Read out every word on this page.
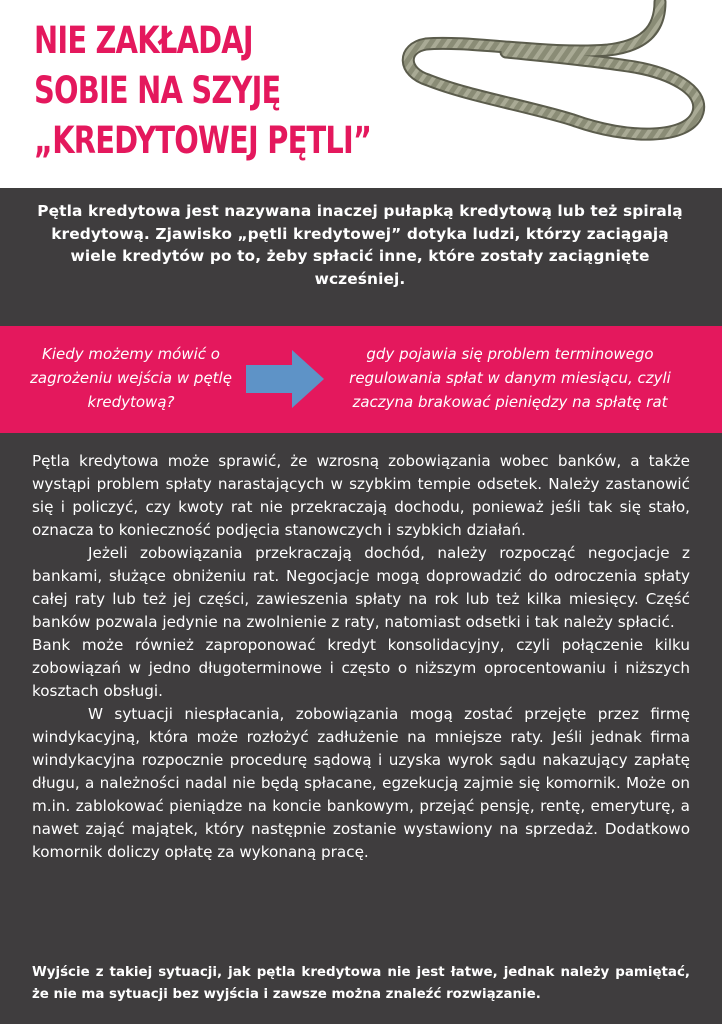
NIE ZAKŁADAJ
SOBIE NA SZYJĘ
„KREDYTOWEJ PĘTLI”
Pętla kredytowa jest nazywana inaczej pułapką kredytową lub też spiralą kredytową. Zjawisko „pętli kredytowej” dotyka ludzi, którzy zaciągają wiele kredytów po to, żeby spłacić inne, które zostały zaciągnięte wcześniej.
Kiedy możemy mówić o zagrożeniu wejścia w pętlę kredytową?
gdy pojawia się problem terminowego regulowania spłat w danym miesiącu, czyli zaczyna brakować pieniędzy na spłatę rat

Pętla kredytowa może sprawić, że wzrosną zobowiązania wobec banków, a także wystąpi problem spłaty narastających w szybkim tempie odsetek. Należy zastanowić się i policzyć, czy kwoty rat nie przekraczają dochodu, ponieważ jeśli tak się stało, oznacza to konieczność podjęcia stanowczych i szybkich działań.

Jeżeli zobowiązania przekraczają dochód, należy rozpocząć negocjacje z bankami, służące obniżeniu rat. Negocjacje mogą doprowadzić do odroczenia spłaty całej raty lub też jej części, zawieszenia spłaty na rok lub też kilka miesięcy. Część banków pozwala jedynie na zwolnienie z raty, natomiast odsetki i tak należy spłacić.

Bank może również zaproponować kredyt konsolidacyjny, czyli połączenie kilku zobowiązań w jedno długoterminowe i często o niższym oprocentowaniu i niższych kosztach obsługi.

W sytuacji niespłacania, zobowiązania mogą zostać przejęte przez firmę windykacyjną, która może rozłożyć zadłużenie na mniejsze raty. Jeśli jednak firma windykacyjna rozpocznie procedurę sądową i uzyska wyrok sądu nakazujący zapłatę długu, a należności nadal nie będą spłacane, egzekucją zajmie się komornik. Może on m.in. zablokować pieniądze na koncie bankowym, przejąć pensję, rentę, emeryturę, a nawet zająć majątek, który następnie zostanie wystawiony na sprzedaż. Dodatkowo komornik doliczy opłatę za wykonaną pracę.

Wyjście z takiej sytuacji, jak pętla kredytowa nie jest łatwe, jednak należy pamiętać, że nie ma sytuacji bez wyjścia i zawsze można znaleźć rozwiązanie.
